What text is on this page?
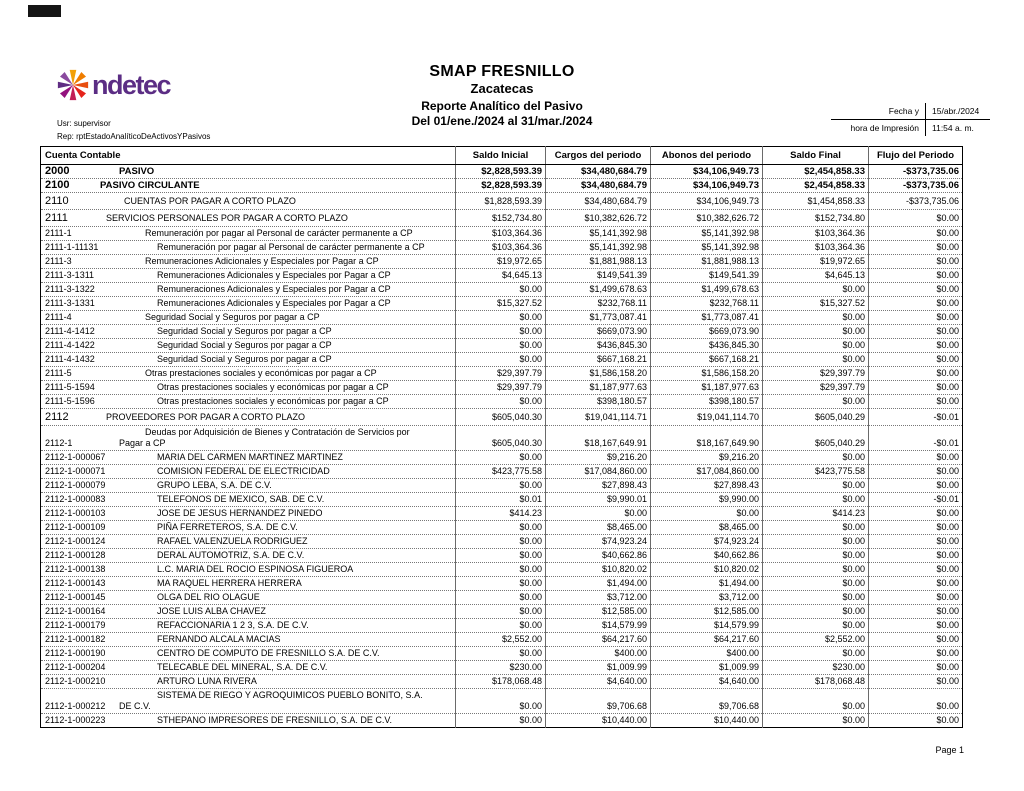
ndetec
Usr: supervisor
Rep: rptEstadoAnalíticoDeActivosYPasivos
SMAP FRESNILLO
Zacatecas
Reporte Analítico del Pasivo
Del 01/ene./2024 al 31/mar./2024
Fecha y	15/abr./2024
hora de Impresión	11:54 a. m.
Cuenta Contable	Saldo Inicial	Cargos del periodo	Abonos del periodo	Saldo Final	Flujo del Periodo

2000 PASIVO	$2,828,593.39	$34,480,684.79	$34,106,949.73	$2,454,858.33	-$373,735.06

2100 PASIVO CIRCULANTE	$2,828,593.39	$34,480,684.79	$34,106,949.73	$2,454,858.33	-$373,735.06

2110 CUENTAS POR PAGAR A CORTO PLAZO	$1,828,593.39	$34,480,684.79	$34,106,949.73	$1,454,858.33	-$373,735.06

2111 SERVICIOS PERSONALES POR PAGAR A CORTO PLAZO	$152,734.80	$10,382,626.72	$10,382,626.72	$152,734.80	$0.00

2111-1 Remuneración por pagar al Personal de carácter permanente a CP	$103,364.36	$5,141,392.98	$5,141,392.98	$103,364.36	$0.00

2111-1-11131 Remuneración por pagar al Personal de carácter permanente a CP	$103,364.36	$5,141,392.98	$5,141,392.98	$103,364.36	$0.00

2111-3 Remuneraciones Adicionales y Especiales por Pagar a CP	$19,972.65	$1,881,988.13	$1,881,988.13	$19,972.65	$0.00

2111-3-1311 Remuneraciones Adicionales y Especiales por Pagar a CP	$4,645.13	$149,541.39	$149,541.39	$4,645.13	$0.00

2111-3-1322 Remuneraciones Adicionales y Especiales por Pagar a CP	$0.00	$1,499,678.63	$1,499,678.63	$0.00	$0.00

2111-3-1331 Remuneraciones Adicionales y Especiales por Pagar a CP	$15,327.52	$232,768.11	$232,768.11	$15,327.52	$0.00

2111-4 Seguridad Social y Seguros por pagar a CP	$0.00	$1,773,087.41	$1,773,087.41	$0.00	$0.00

2111-4-1412 Seguridad Social y Seguros por pagar a CP	$0.00	$669,073.90	$669,073.90	$0.00	$0.00

2111-4-1422 Seguridad Social y Seguros por pagar a CP	$0.00	$436,845.30	$436,845.30	$0.00	$0.00

2111-4-1432 Seguridad Social y Seguros por pagar a CP	$0.00	$667,168.21	$667,168.21	$0.00	$0.00

2111-5 Otras prestaciones sociales y económicas por pagar a CP	$29,397.79	$1,586,158.20	$1,586,158.20	$29,397.79	$0.00

2111-5-1594 Otras prestaciones sociales y económicas por pagar a CP	$29,397.79	$1,187,977.63	$1,187,977.63	$29,397.79	$0.00

2111-5-1596 Otras prestaciones sociales y económicas por pagar a CP	$0.00	$398,180.57	$398,180.57	$0.00	$0.00

2112 PROVEEDORES POR PAGAR A CORTO PLAZO	$605,040.30	$19,041,114.71	$19,041,114.70	$605,040.29	-$0.01

2112-1
Deudas por Adquisición de Bienes y Contratación de Servicios por
Pagar a CP	$605,040.30	$18,167,649.91	$18,167,649.90	$605,040.29	-$0.01

2112-1-000067 MARIA DEL CARMEN MARTINEZ MARTINEZ	$0.00	$9,216.20	$9,216.20	$0.00	$0.00

2112-1-000071 COMISION FEDERAL DE ELECTRICIDAD	$423,775.58	$17,084,860.00	$17,084,860.00	$423,775.58	$0.00

2112-1-000079 GRUPO LEBA, S.A. DE C.V.	$0.00	$27,898.43	$27,898.43	$0.00	$0.00

2112-1-000083 TELEFONOS DE MEXICO, SAB. DE C.V.	$0.01	$9,990.01	$9,990.00	$0.00	-$0.01

2112-1-000103 JOSE DE JESUS HERNANDEZ PINEDO	$414.23	$0.00	$0.00	$414.23	$0.00

2112-1-000109 PIÑA FERRETEROS, S.A. DE C.V.	$0.00	$8,465.00	$8,465.00	$0.00	$0.00

2112-1-000124 RAFAEL VALENZUELA RODRIGUEZ	$0.00	$74,923.24	$74,923.24	$0.00	$0.00

2112-1-000128 DERAL AUTOMOTRIZ, S.A. DE C.V.	$0.00	$40,662.86	$40,662.86	$0.00	$0.00

2112-1-000138 L.C. MARIA DEL ROCIO ESPINOSA FIGUEROA	$0.00	$10,820.02	$10,820.02	$0.00	$0.00

2112-1-000143 MA RAQUEL HERRERA HERRERA	$0.00	$1,494.00	$1,494.00	$0.00	$0.00

2112-1-000145 OLGA DEL RIO OLAGUE	$0.00	$3,712.00	$3,712.00	$0.00	$0.00

2112-1-000164 JOSE LUIS ALBA CHAVEZ	$0.00	$12,585.00	$12,585.00	$0.00	$0.00

2112-1-000179 REFACCIONARIA 1 2 3, S.A. DE C.V.	$0.00	$14,579.99	$14,579.99	$0.00	$0.00

2112-1-000182 FERNANDO ALCALA MACIAS	$2,552.00	$64,217.60	$64,217.60	$2,552.00	$0.00

2112-1-000190 CENTRO DE COMPUTO DE FRESNILLO S.A. DE C.V.	$0.00	$400.00	$400.00	$0.00	$0.00

2112-1-000204 TELECABLE DEL MINERAL, S.A. DE C.V.	$230.00	$1,009.99	$1,009.99	$230.00	$0.00

2112-1-000210 ARTURO LUNA RIVERA	$178,068.48	$4,640.00	$4,640.00	$178,068.48	$0.00

2112-1-000212
SISTEMA DE RIEGO Y AGROQUIMICOS PUEBLO BONITO, S.A.
DE C.V.	$0.00	$9,706.68	$9,706.68	$0.00	$0.00

2112-1-000223 STHEPANO IMPRESORES DE FRESNILLO, S.A. DE C.V.	$0.00	$10,440.00	$10,440.00	$0.00	$0.00
Page 1
